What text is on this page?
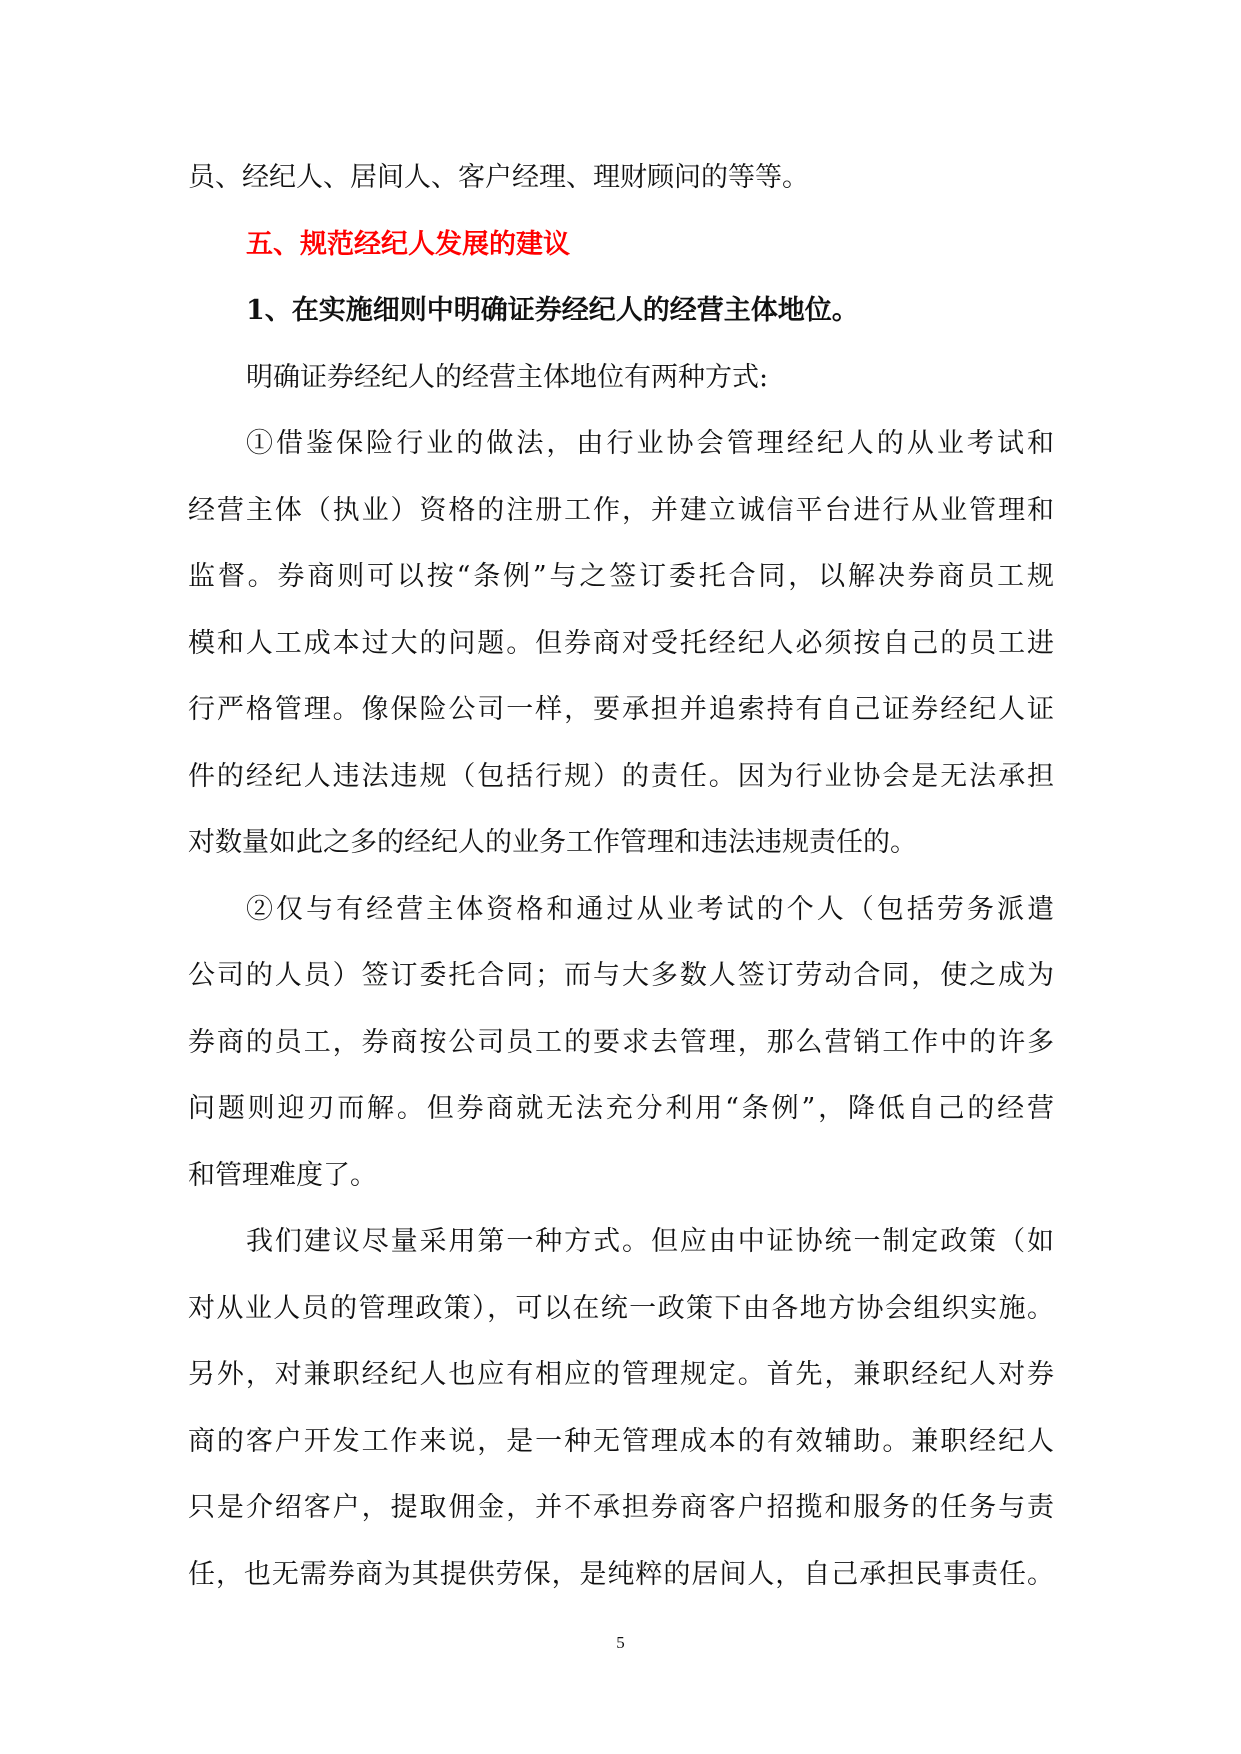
员、经纪人、居间人、客户经理、理财顾问的等等。
五、规范经纪人发展的建议
1、在实施细则中明确证券经纪人的经营主体地位。
明确证券经纪人的经营主体地位有两种方式:
①借鉴保险行业的做法，由行业协会管理经纪人的从业考试和
经营主体（执业）资格的注册工作，并建立诚信平台进行从业管理和
监督。券商则可以按“条例”与之签订委托合同，以解决券商员工规
模和人工成本过大的问题。但券商对受托经纪人必须按自己的员工进
行严格管理。像保险公司一样，要承担并追索持有自己证券经纪人证
件的经纪人违法违规（包括行规）的责任。因为行业协会是无法承担
对数量如此之多的经纪人的业务工作管理和违法违规责任的。
②仅与有经营主体资格和通过从业考试的个人（包括劳务派遣
公司的人员）签订委托合同；而与大多数人签订劳动合同，使之成为
券商的员工，券商按公司员工的要求去管理，那么营销工作中的许多
问题则迎刃而解。但券商就无法充分利用“条例”，降低自己的经营
和管理难度了。
我们建议尽量采用第一种方式。但应由中证协统一制定政策（如
对从业人员的管理政策），可以在统一政策下由各地方协会组织实施。
另外，对兼职经纪人也应有相应的管理规定。首先，兼职经纪人对券
商的客户开发工作来说，是一种无管理成本的有效辅助。兼职经纪人
只是介绍客户，提取佣金，并不承担券商客户招揽和服务的任务与责
任，也无需券商为其提供劳保，是纯粹的居间人，自己承担民事责任。
5
